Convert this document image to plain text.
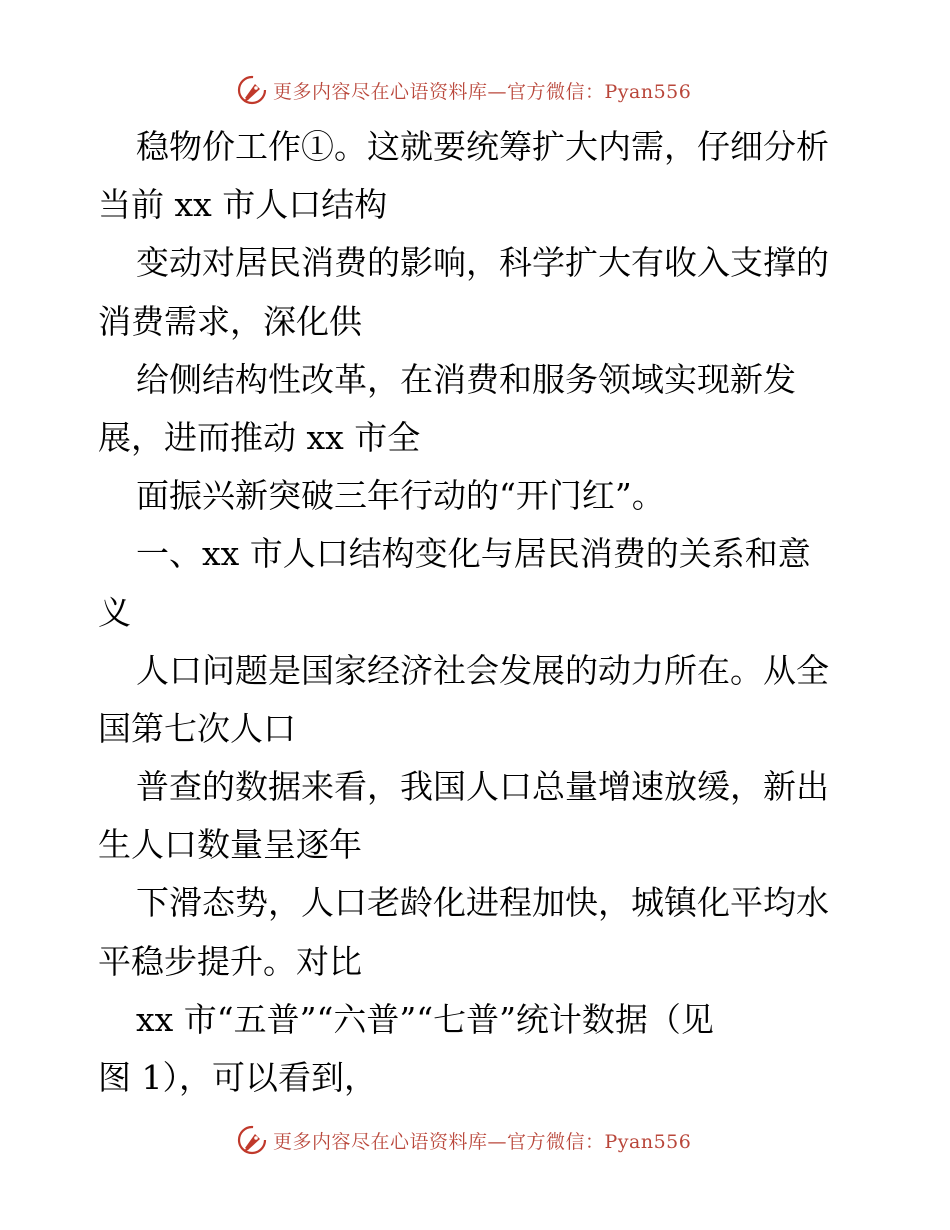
更多内容尽在心语资料库—官方微信：Pyan556
稳物价工作①。这就要统筹扩大内需，仔细分析
当前 xx 市人口结构
变动对居民消费的影响，科学扩大有收入支撑的
消费需求，深化供
给侧结构性改革，在消费和服务领域实现新发
展，进而推动 xx 市全
面振兴新突破三年行动的“开门红”。
一、xx 市人口结构变化与居民消费的关系和意
义
人口问题是国家经济社会发展的动力所在。从全
国第七次人口
普查的数据来看，我国人口总量增速放缓，新出
生人口数量呈逐年
下滑态势，人口老龄化进程加快，城镇化平均水
平稳步提升。对比
xx 市“五普”“六普”“七普”统计数据（见
图 1），可以看到，
更多内容尽在心语资料库—官方微信：Pyan556
